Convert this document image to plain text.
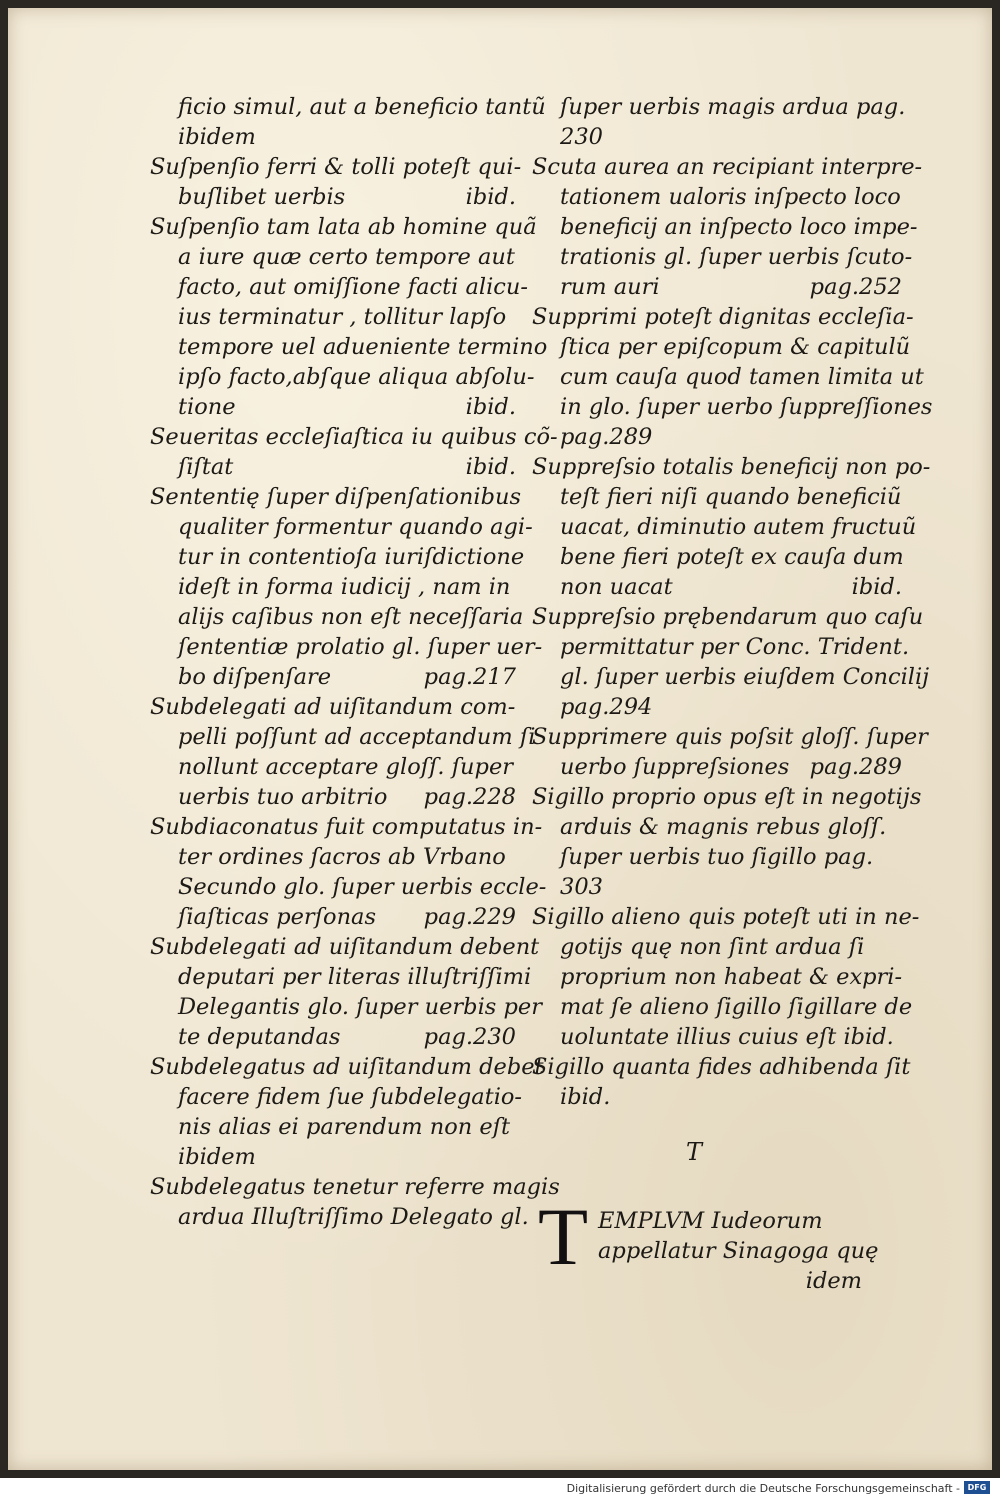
ficio simul, aut a beneficio tantũ
ibidem
Suſpenſio ferri & tolli poteſt qui-
buſlibet uerbis	ibid.
Suſpenſio tam lata ab homine quã
a iure quæ certo tempore aut
facto, aut omiſſione facti alicu-
ius terminatur , tollitur lapſo
tempore uel adueniente termino
ipſo facto,abſque aliqua abſolu-
tione	ibid.
Seueritas eccleſiaſtica iu quibus cõ-
ſiſtat	ibid.
Sententię ſuper diſpenſationibus
qualiter formentur quando agi-
tur in contentioſa iuriſdictione
ideſt in forma iudicij , nam in
alijs caſibus non eſt neceſſaria
ſententiæ prolatio gl. ſuper uer-
bo diſpenſare	pag.217
Subdelegati ad uiſitandum com-
pelli poſſunt ad acceptandum ſi
nollunt acceptare gloſſ. ſuper
uerbis tuo arbitrio	pag.228
Subdiaconatus fuit computatus in-
ter ordines ſacros ab Vrbano
Secundo glo. ſuper uerbis eccle-
ſiaſticas perſonas	pag.229
Subdelegati ad uiſitandum debent
deputari per literas illuſtriſſimi
Delegantis glo. ſuper uerbis per
te deputandas	pag.230
Subdelegatus ad uiſitandum debet
facere fidem ſue ſubdelegatio-
nis alias ei parendum non eſt
ibidem
Subdelegatus tenetur referre magis
ardua Illuſtriſſimo Delegato gl.
ſuper uerbis magis ardua pag.
230
Scuta aurea an recipiant interpre-
tationem ualoris inſpecto loco
beneficij an inſpecto loco impe-
trationis gl. ſuper uerbis ſcuto-
rum auri	pag.252
Supprimi poteſt dignitas eccleſia-
ſtica per epiſcopum & capitulũ
cum cauſa quod tamen limita ut
in glo. ſuper uerbo ſuppreſſiones
pag.289
Suppreſsio totalis beneficij non po-
teſt fieri niſi quando beneficiũ
uacat, diminutio autem fructuũ
bene fieri poteſt ex cauſa dum
non uacat	ibid.
Suppreſsio prębendarum quo caſu
permittatur per Conc. Trident.
gl. ſuper uerbis eiuſdem Concilij
pag.294
Supprimere quis poſsit gloſſ. ſuper
uerbo ſuppreſsiones pag.289
Sigillo proprio opus eſt in negotijs
arduis & magnis rebus gloſſ.
ſuper uerbis tuo ſigillo pag.
303
Sigillo alieno quis poteſt uti in ne-
gotijs quę non ſint ardua ſi
proprium non habeat & expri-
mat ſe alieno ſigillo ſigillare de
uoluntate illius cuius eſt ibid.
Sigillo quanta fides adhibenda ſit
ibid.
T
T EMPLVM Iudeorum
appellatur Sinagoga quę
idem
Digitalisierung gefördert durch die Deutsche Forschungsgemeinschaft - DFG
